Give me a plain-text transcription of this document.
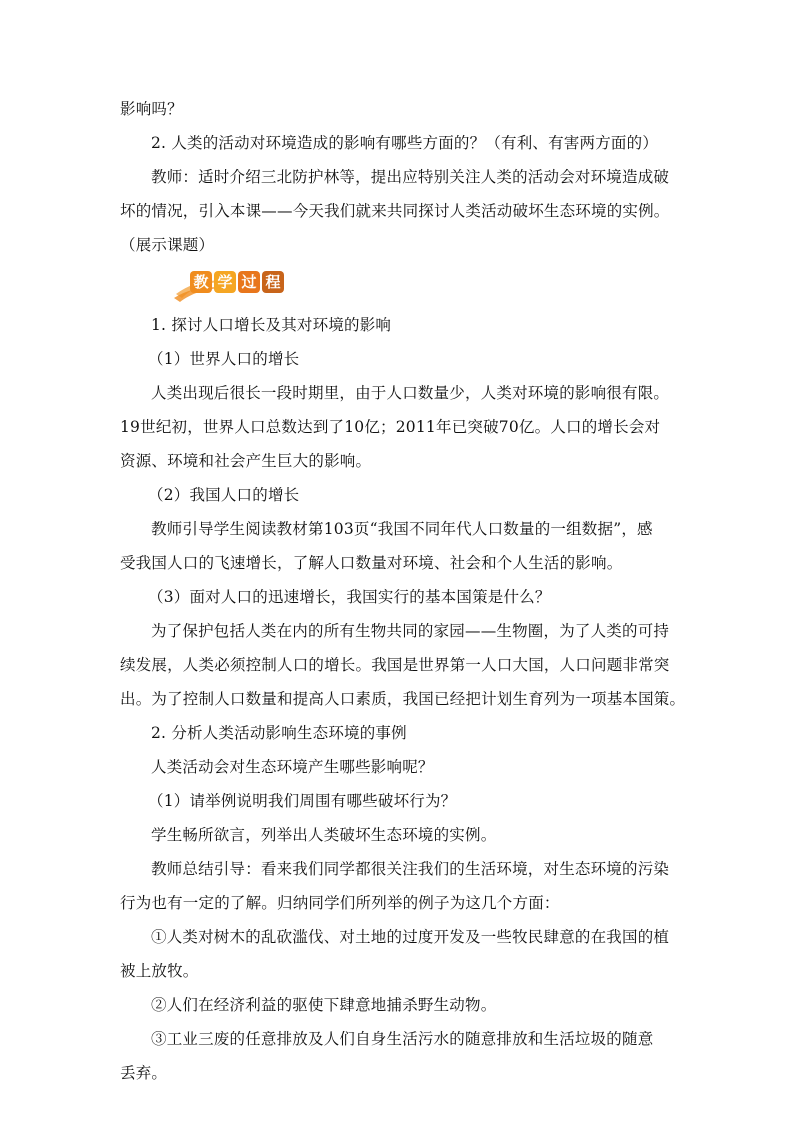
影响吗？
2. 人类的活动对环境造成的影响有哪些方面的？（有利、有害两方面的）
教师：适时介绍三北防护林等，提出应特别关注人类的活动会对环境造成破
坏的情况，引入本课——今天我们就来共同探讨人类活动破坏生态环境的实例。
（展示课题）
教 学 过 程
1. 探讨人口增长及其对环境的影响
（1）世界人口的增长
人类出现后很长一段时期里，由于人口数量少，人类对环境的影响很有限。
19世纪初，世界人口总数达到了10亿；2011年已突破70亿。人口的增长会对
资源、环境和社会产生巨大的影响。
（2）我国人口的增长
教师引导学生阅读教材第103页“我国不同年代人口数量的一组数据”，感
受我国人口的飞速增长，了解人口数量对环境、社会和个人生活的影响。
（3）面对人口的迅速增长，我国实行的基本国策是什么？
为了保护包括人类在内的所有生物共同的家园——生物圈，为了人类的可持
续发展，人类必须控制人口的增长。我国是世界第一人口大国，人口问题非常突
出。为了控制人口数量和提高人口素质，我国已经把计划生育列为一项基本国策。
2. 分析人类活动影响生态环境的事例
人类活动会对生态环境产生哪些影响呢？
（1）请举例说明我们周围有哪些破坏行为？
学生畅所欲言，列举出人类破坏生态环境的实例。
教师总结引导：看来我们同学都很关注我们的生活环境，对生态环境的污染
行为也有一定的了解。归纳同学们所列举的例子为这几个方面：
①人类对树木的乱砍滥伐、对土地的过度开发及一些牧民肆意的在我国的植
被上放牧。
②人们在经济利益的驱使下肆意地捕杀野生动物。
③工业三废的任意排放及人们自身生活污水的随意排放和生活垃圾的随意
丢弃。
